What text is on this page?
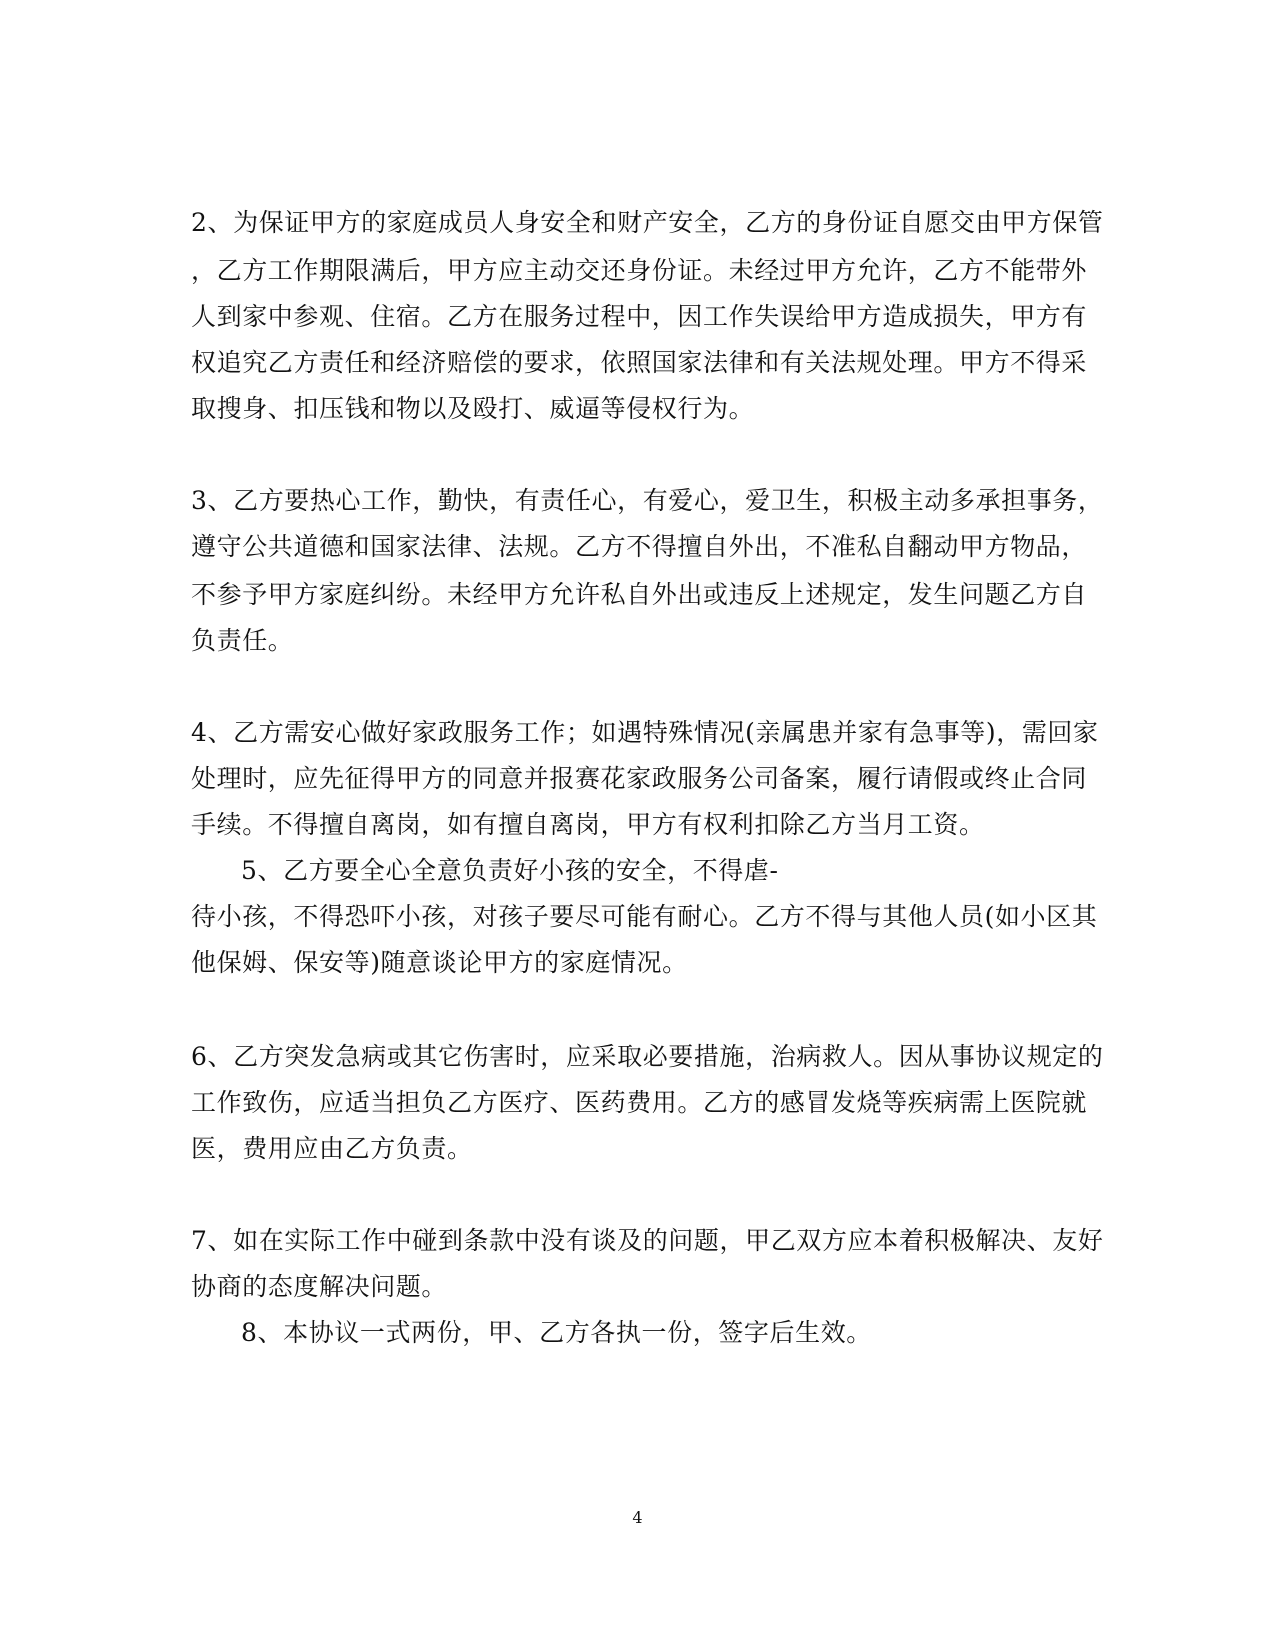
2、为保证甲方的家庭成员人身安全和财产安全，乙方的身份证自愿交由甲方保管
，乙方工作期限满后，甲方应主动交还身份证。未经过甲方允许，乙方不能带外
人到家中参观、住宿。乙方在服务过程中，因工作失误给甲方造成损失，甲方有
权追究乙方责任和经济赔偿的要求，依照国家法律和有关法规处理。甲方不得采
取搜身、扣压钱和物以及殴打、威逼等侵权行为。
3、乙方要热心工作，勤快，有责任心，有爱心，爱卫生，积极主动多承担事务，
遵守公共道德和国家法律、法规。乙方不得擅自外出，不准私自翻动甲方物品，
不参予甲方家庭纠纷。未经甲方允许私自外出或违反上述规定，发生问题乙方自
负责任。
4、乙方需安心做好家政服务工作；如遇特殊情况(亲属患并家有急事等)，需回家
处理时，应先征得甲方的同意并报赛花家政服务公司备案，履行请假或终止合同
手续。不得擅自离岗，如有擅自离岗，甲方有权利扣除乙方当月工资。
5、乙方要全心全意负责好小孩的安全，不得虐-
待小孩，不得恐吓小孩，对孩子要尽可能有耐心。乙方不得与其他人员(如小区其
他保姆、保安等)随意谈论甲方的家庭情况。
6、乙方突发急病或其它伤害时，应采取必要措施，治病救人。因从事协议规定的
工作致伤，应适当担负乙方医疗、医药费用。乙方的感冒发烧等疾病需上医院就
医，费用应由乙方负责。
7、如在实际工作中碰到条款中没有谈及的问题，甲乙双方应本着积极解决、友好
协商的态度解决问题。
8、本协议一式两份，甲、乙方各执一份，签字后生效。
4
